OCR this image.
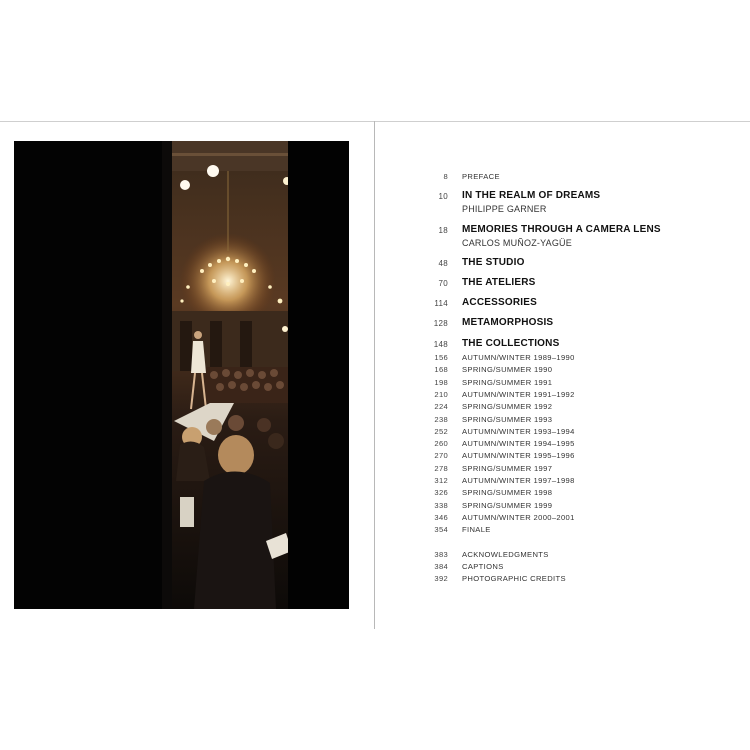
8 PREFACE
10 IN THE REALM OF DREAMS
PHILIPPE GARNER
18 MEMORIES THROUGH A CAMERA LENS
CARLOS MUÑOZ-YAGÜE
48 THE STUDIO
70 THE ATELIERS
114 ACCESSORIES
128 METAMORPHOSIS
148 THE COLLECTIONS
156 AUTUMN/WINTER 1989–1990
168 SPRING/SUMMER 1990
198 SPRING/SUMMER 1991
210 AUTUMN/WINTER 1991–1992
224 SPRING/SUMMER 1992
238 SPRING/SUMMER 1993
252 AUTUMN/WINTER 1993–1994
260 AUTUMN/WINTER 1994–1995
270 AUTUMN/WINTER 1995–1996
278 SPRING/SUMMER 1997
312 AUTUMN/WINTER 1997–1998
326 SPRING/SUMMER 1998
338 SPRING/SUMMER 1999
346 AUTUMN/WINTER 2000–2001
354 FINALE
383 ACKNOWLEDGMENTS
384 CAPTIONS
392 PHOTOGRAPHIC CREDITS
